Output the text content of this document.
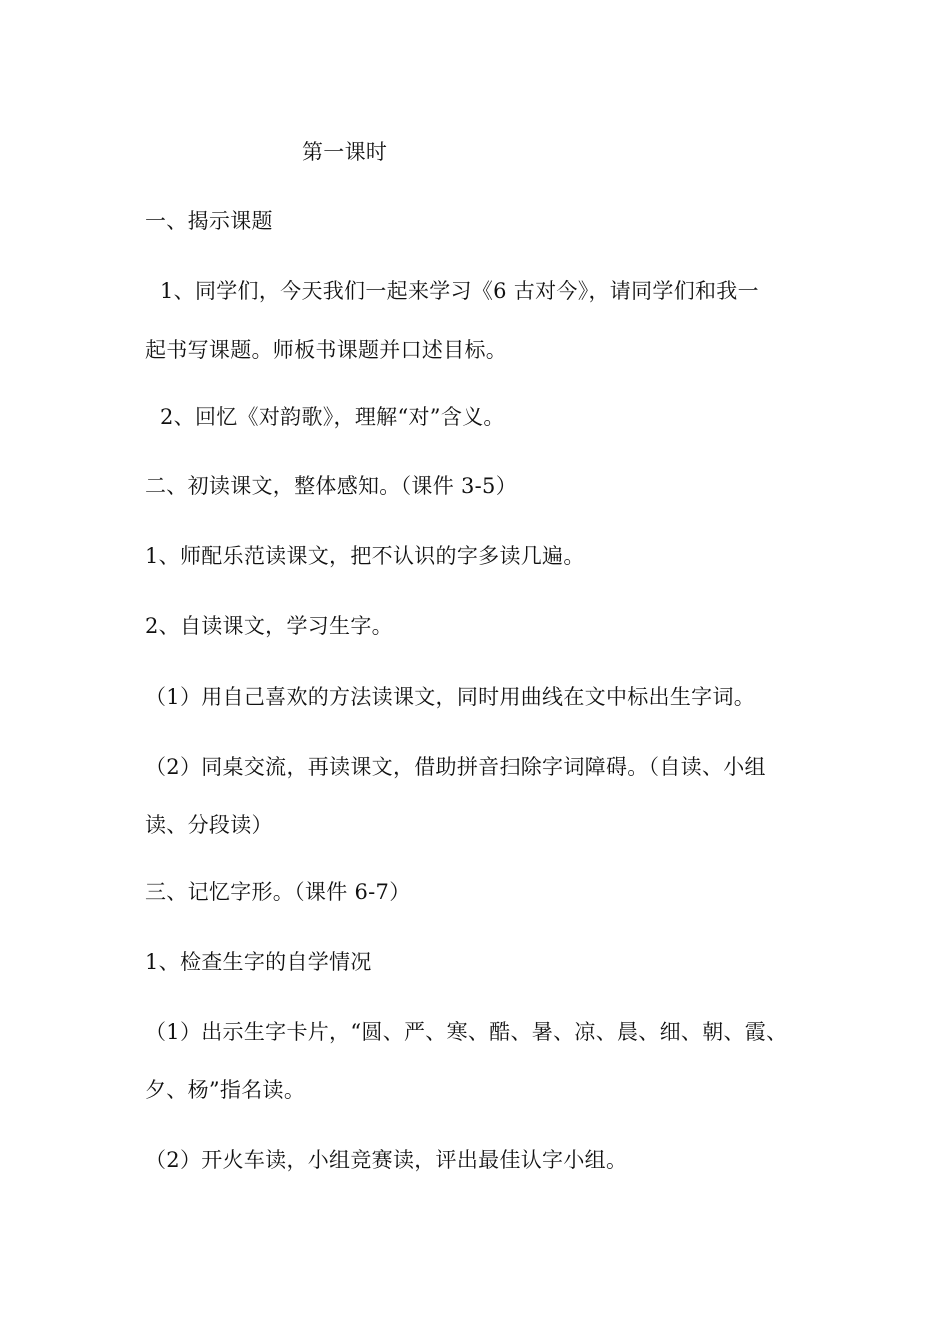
第一课时
一、揭示课题
1、同学们，今天我们一起来学习《6 古对今》，请同学们和我一
起书写课题。师板书课题并口述目标。
2、回忆《对韵歌》，理解“对”含义。
二、初读课文，整体感知。（课件 3-5）
1、师配乐范读课文，把不认识的字多读几遍。
2、自读课文，学习生字。
（1）用自己喜欢的方法读课文，同时用曲线在文中标出生字词。
（2）同桌交流，再读课文，借助拼音扫除字词障碍。（自读、小组
读、分段读）
三、记忆字形。（课件 6-7）
1、检查生字的自学情况
（1）出示生字卡片，“圆、严、寒、酷、暑、凉、晨、细、朝、霞、
夕、杨”指名读。
（2）开火车读，小组竞赛读，评出最佳认字小组。
